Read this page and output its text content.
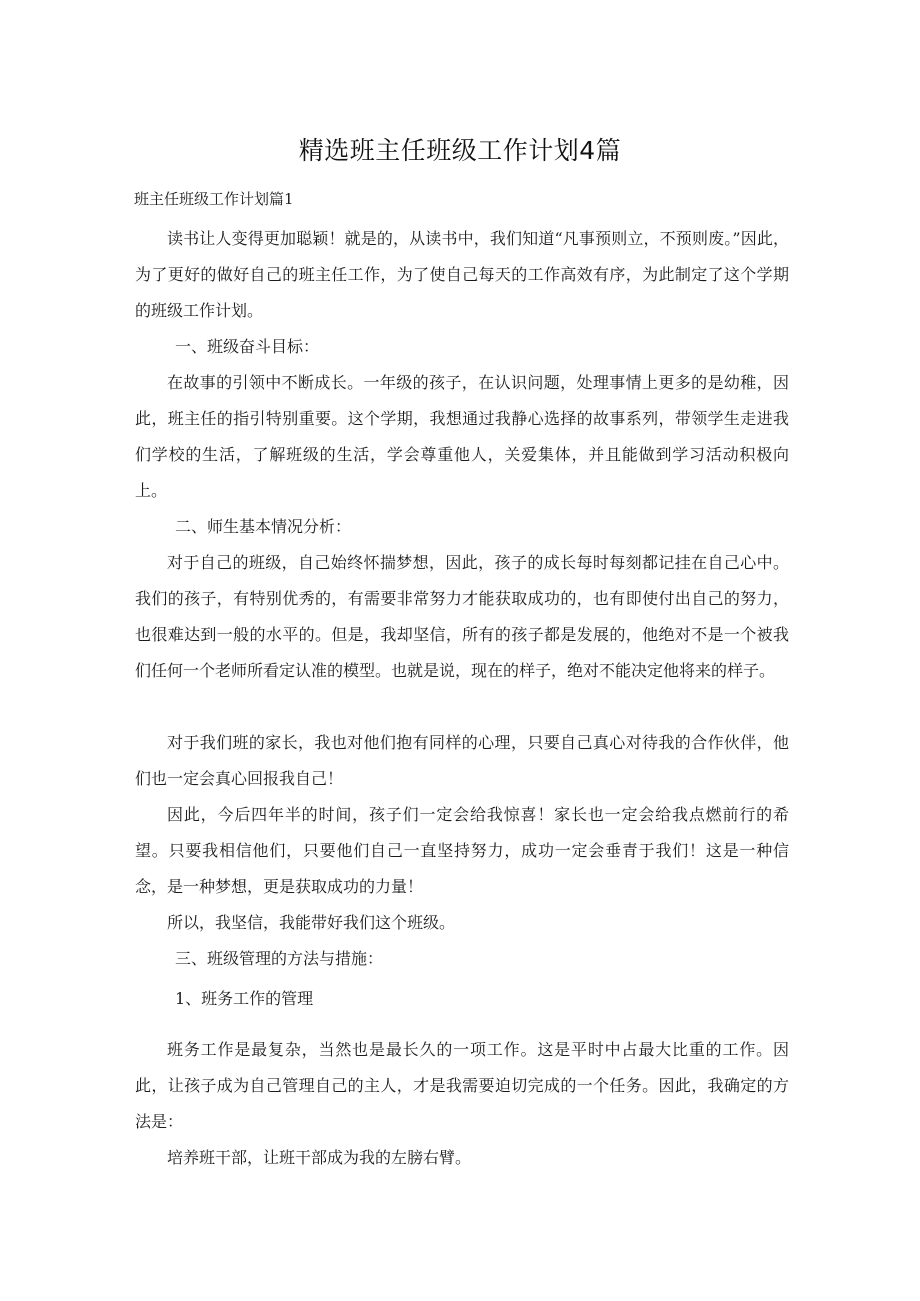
精选班主任班级工作计划4篇
班主任班级工作计划篇1

读书让人变得更加聪颖！就是的，从读书中，我们知道“凡事预则立，不预则废。”因此，为了更好的做好自己的班主任工作，为了使自己每天的工作高效有序，为此制定了这个学期的班级工作计划。

一、班级奋斗目标：

在故事的引领中不断成长。一年级的孩子，在认识问题，处理事情上更多的是幼稚，因此，班主任的指引特别重要。这个学期，我想通过我静心选择的故事系列，带领学生走进我们学校的生活，了解班级的生活，学会尊重他人，关爱集体，并且能做到学习活动积极向上。

二、师生基本情况分析：

对于自己的班级，自己始终怀揣梦想，因此，孩子的成长每时每刻都记挂在自己心中。我们的孩子，有特别优秀的，有需要非常努力才能获取成功的，也有即使付出自己的努力，也很难达到一般的水平的。但是，我却坚信，所有的孩子都是发展的，他绝对不是一个被我们任何一个老师所看定认准的模型。也就是说，现在的样子，绝对不能决定他将来的样子。

对于我们班的家长，我也对他们抱有同样的心理，只要自己真心对待我的合作伙伴，他们也一定会真心回报我自己！

因此，今后四年半的时间，孩子们一定会给我惊喜！家长也一定会给我点燃前行的希望。只要我相信他们，只要他们自己一直坚持努力，成功一定会垂青于我们！这是一种信念，是一种梦想，更是获取成功的力量！

所以，我坚信，我能带好我们这个班级。

三、班级管理的方法与措施：
1、班务工作的管理

班务工作是最复杂，当然也是最长久的一项工作。这是平时中占最大比重的工作。因此，让孩子成为自己管理自己的主人，才是我需要迫切完成的一个任务。因此，我确定的方法是：

培养班干部，让班干部成为我的左膀右臂。
